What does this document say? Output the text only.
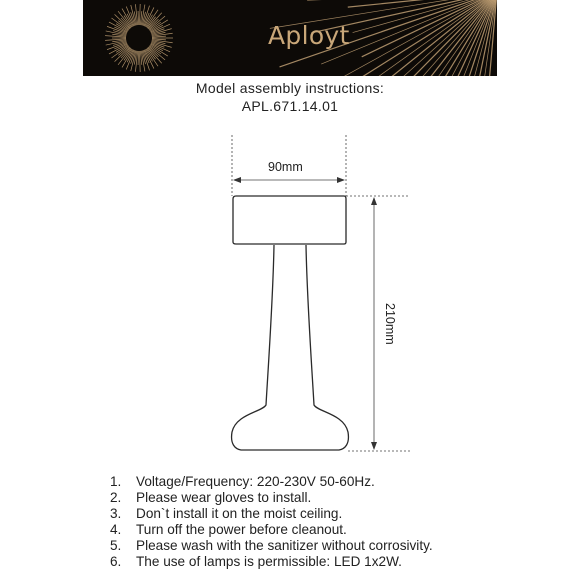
Aployt
Model assembly instructions:
APL.671.14.01
90mm
210mm
1.	Voltage/Frequency: 220-230V 50-60Hz.
2.	Please wear gloves to install.
3.	Don`t install it on the moist ceiling.
4.	Turn off the power before cleanout.
5.	Please wash with the sanitizer without corrosivity.
6.	The use of lamps is permissible: LED 1x2W.
